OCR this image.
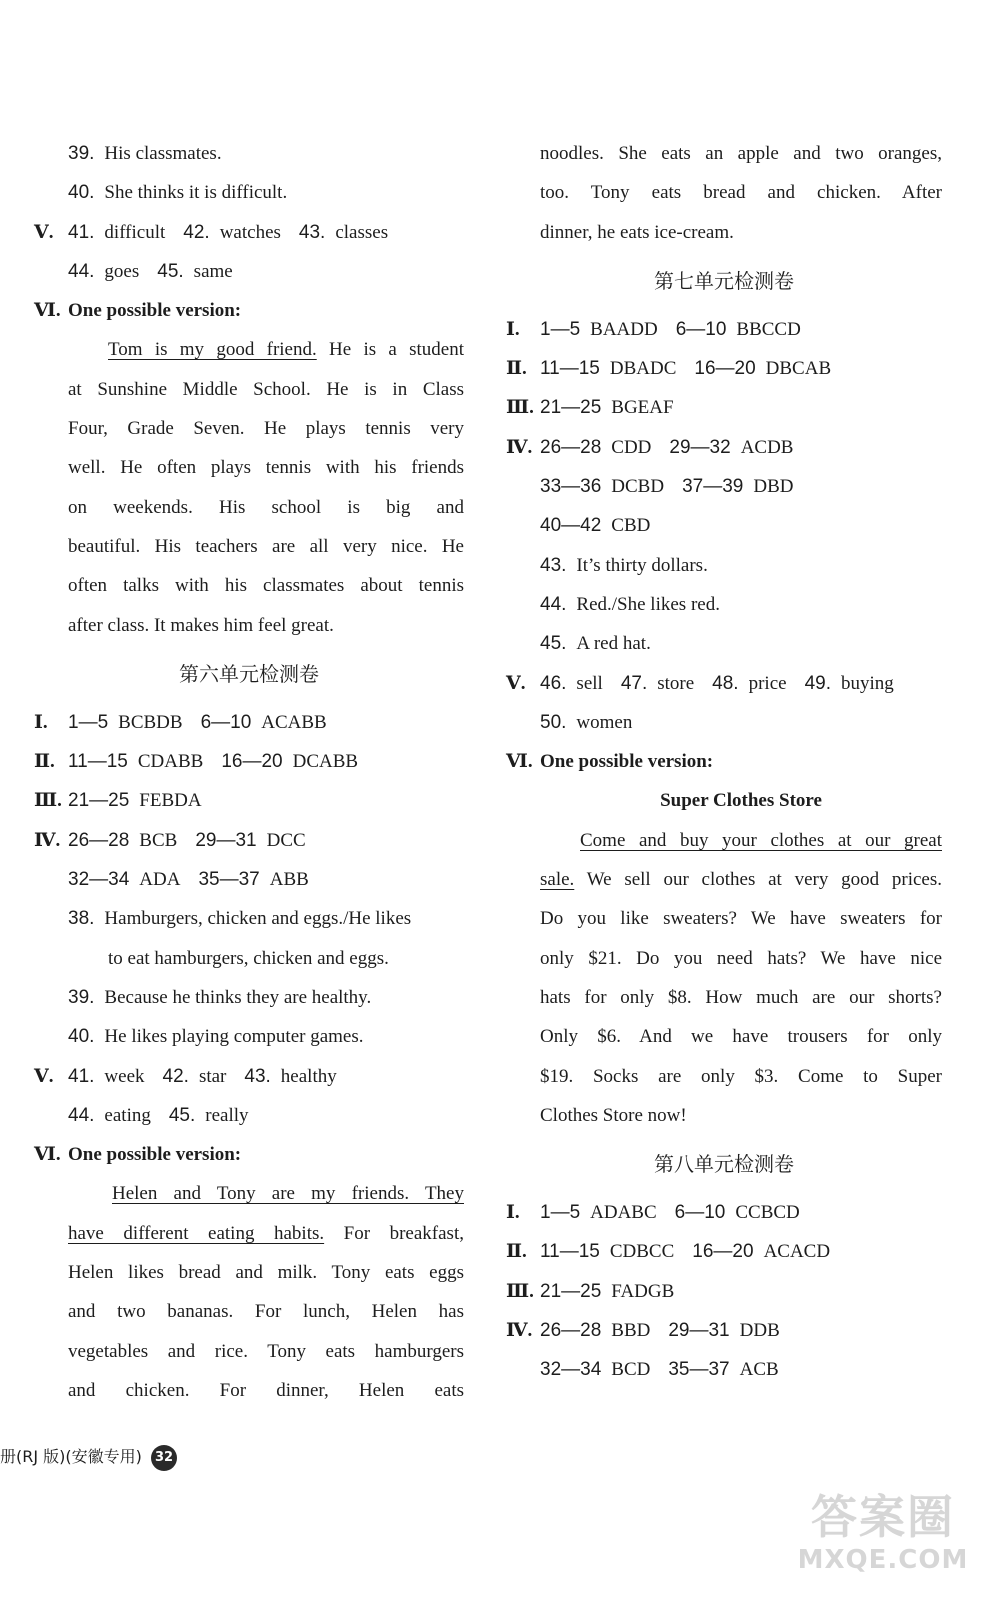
39. His classmates.
40. She thinks it is difficult.
Ⅴ. 41. difficult 42. watches 43. classes
44. goes 45. same
Ⅵ. One possible version:
Tom is my good friend. He is a student
at Sunshine Middle School. He is in Class
Four, Grade Seven. He plays tennis very
well. He often plays tennis with his friends
on weekends. His school is big and
beautiful. His teachers are all very nice. He
often talks with his classmates about tennis
after class. It makes him feel great.
第六单元检测卷
Ⅰ. 1—5 BCBDB 6—10 ACABB
Ⅱ. 11—15 CDABB 16—20 DCABB
Ⅲ. 21—25 FEBDA
Ⅳ. 26—28 BCB 29—31 DCC
32—34 ADA 35—37 ABB
38. Hamburgers, chicken and eggs./He likes
to eat hamburgers, chicken and eggs.
39. Because he thinks they are healthy.
40. He likes playing computer games.
Ⅴ. 41. week 42. star 43. healthy
44. eating 45. really
Ⅵ. One possible version:
Helen and Tony are my friends. They
have different eating habits. For breakfast,
Helen likes bread and milk. Tony eats eggs
and two bananas. For lunch, Helen has
vegetables and rice. Tony eats hamburgers
and chicken. For dinner, Helen eats
noodles. She eats an apple and two oranges,
too. Tony eats bread and chicken. After
dinner, he eats ice-cream.
第七单元检测卷
Ⅰ. 1—5 BAADD 6—10 BBCCD
Ⅱ. 11—15 DBADC 16—20 DBCAB
Ⅲ. 21—25 BGEAF
Ⅳ. 26—28 CDD 29—32 ACDB
33—36 DCBD 37—39 DBD
40—42 CBD
43. It’s thirty dollars.
44. Red./She likes red.
45. A red hat.
Ⅴ. 46. sell 47. store 48. price 49. buying
50. women
Ⅵ. One possible version:
Super Clothes Store
Come and buy your clothes at our great
sale. We sell our clothes at very good prices.
Do you like sweaters? We have sweaters for
only $21. Do you need hats? We have nice
hats for only $8. How much are our shorts?
Only $6. And we have trousers for only
$19. Socks are only $3. Come to Super
Clothes Store now!
第八单元检测卷
Ⅰ. 1—5 ADABC 6—10 CCBCD
Ⅱ. 11—15 CDBCC 16—20 ACACD
Ⅲ. 21—25 FADGB
Ⅳ. 26—28 BBD 29—31 DDB
32—34 BCD 35—37 ACB
册(RJ 版)(安徽专用) 32
答案圈
MXQE.COM
